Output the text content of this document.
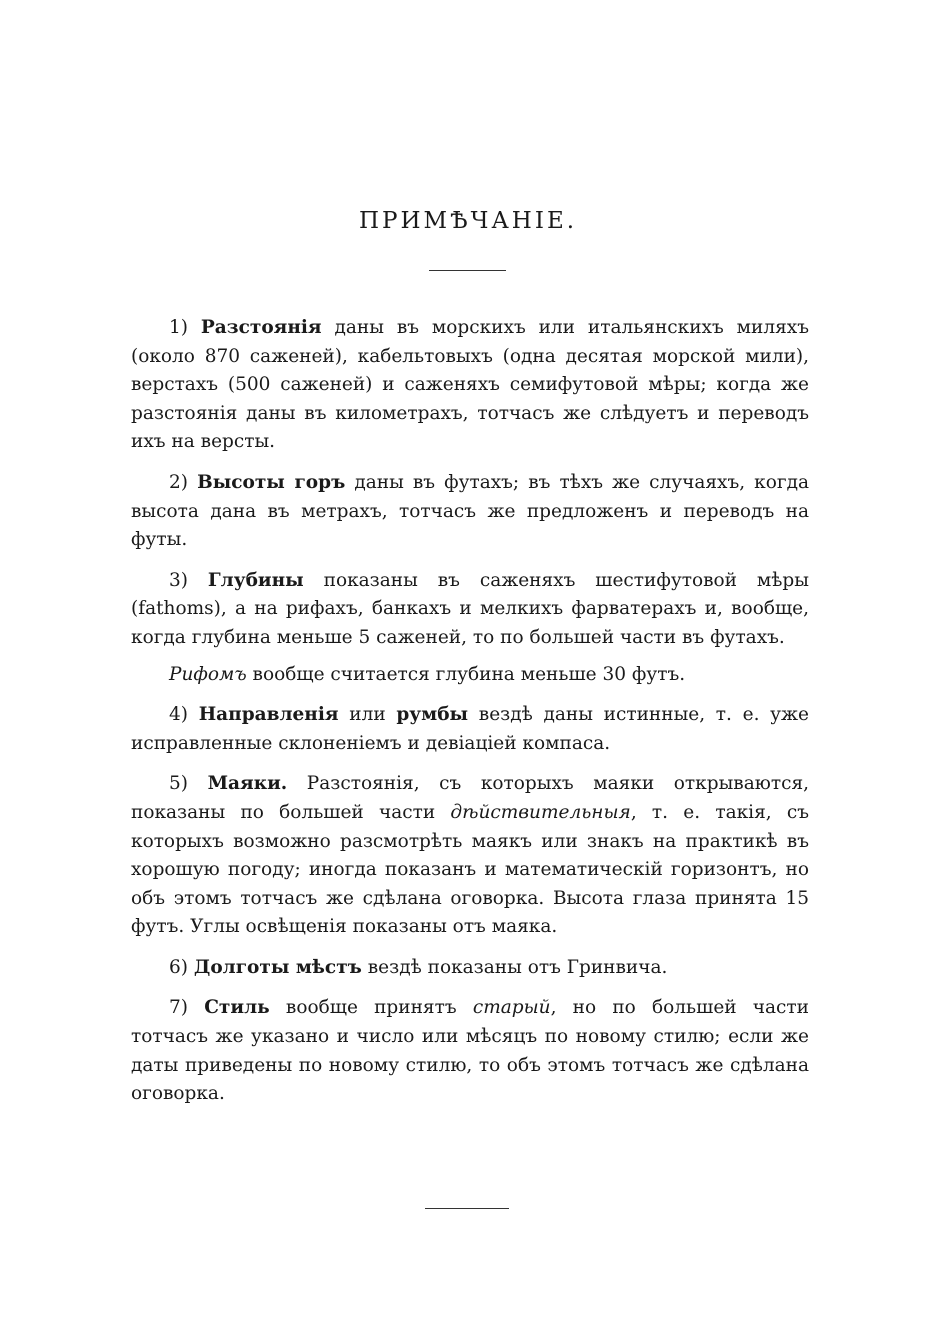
ПРИМѢЧАНІЕ.

1) Разстоянія даны въ морскихъ или итальянскихъ миляхъ (около 870 саженей), кабельтовыхъ (одна десятая морской мили), верстахъ (500 саженей) и саженяхъ семифутовой мѣры; когда же разстоянія даны въ километрахъ, тотчасъ же слѣдуетъ и переводъ ихъ на версты.

2) Высоты горъ даны въ футахъ; въ тѣхъ же случаяхъ, когда высота дана въ метрахъ, тотчасъ же предложенъ и переводъ на футы.

3) Глубины показаны въ саженяхъ шестифутовой мѣры (fathoms), а на рифахъ, банкахъ и мелкихъ фарватерахъ и, вообще, когда глубина меньше 5 саженей, то по большей части въ футахъ.

Рифомъ вообще считается глубина меньше 30 футъ.

4) Направленія или румбы вездѣ даны истинные, т. е. уже исправленные склоненіемъ и девіацiей компаса.

5) Маяки. Разстоянія, съ которыхъ маяки открываются, показаны по большей части дѣйствительныя, т. е. такія, съ которыхъ возможно разсмотрѣть маякъ или знакъ на практикѣ въ хорошую погоду; иногда показанъ и математическій горизонтъ, но объ этомъ тотчасъ же сдѣлана оговорка. Высота глаза принята 15 футъ. Углы освѣщенія показаны отъ маяка.

6) Долготы мѣстъ вездѣ показаны отъ Гринвича.

7) Стиль вообще принятъ старый, но по большей части тотчасъ же указано и число или мѣсяцъ по новому стилю; если же даты приведены по новому стилю, то объ этомъ тотчасъ же сдѣлана оговорка.
